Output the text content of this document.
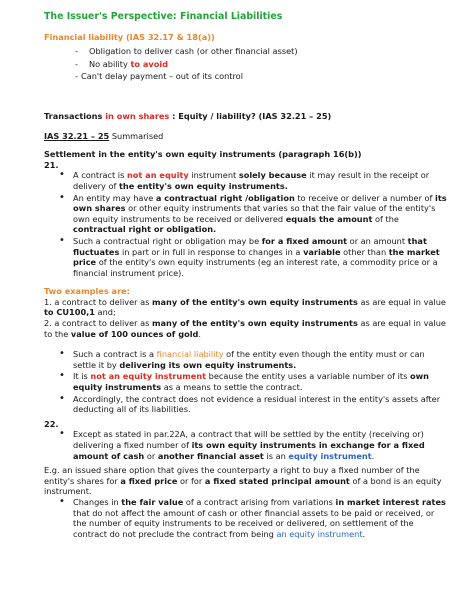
The Issuer's Perspective: Financial Liabilities
Financial liability (IAS 32.17 & 18(a))
- Obligation to deliver cash (or other financial asset)
- No ability to avoid
- Can't delay payment – out of its control
Transactions in own shares : Equity / liability? (IAS 32.21 – 25)
IAS 32.21 – 25 Summarised
Settlement in the entity's own equity instruments (paragraph 16(b))
21.
• A contract is not an equity instrument solely because it may result in the receipt or delivery of the entity's own equity instruments.
• An entity may have a contractual right /obligation to receive or deliver a number of its own shares or other equity instruments that varies so that the fair value of the entity's own equity instruments to be received or delivered equals the amount of the contractual right or obligation.
• Such a contractual right or obligation may be for a fixed amount or an amount that fluctuates in part or in full in response to changes in a variable other than the market price of the entity's own equity instruments (eg an interest rate, a commodity price or a financial instrument price).
Two examples are:
1. a contract to deliver as many of the entity's own equity instruments as are equal in value to CU100,1 and;
2. a contract to deliver as many of the entity's own equity instruments as are equal in value to the value of 100 ounces of gold.
• Such a contract is a financial liability of the entity even though the entity must or can settle it by delivering its own equity instruments.
• It is not an equity instrument because the entity uses a variable number of its own equity instruments as a means to settle the contract.
• Accordingly, the contract does not evidence a residual interest in the entity's assets after deducting all of its liabilities.
22.
• Except as stated in par.22A, a contract that will be settled by the entity (receiving or) delivering a fixed number of its own equity instruments in exchange for a fixed amount of cash or another financial asset is an equity instrument.
E.g. an issued share option that gives the counterparty a right to buy a fixed number of the entity's shares for a fixed price or for a fixed stated principal amount of a bond is an equity instrument.
• Changes in the fair value of a contract arising from variations in market interest rates that do not affect the amount of cash or other financial assets to be paid or received, or the number of equity instruments to be received or delivered, on settlement of the contract do not preclude the contract from being an equity instrument.
